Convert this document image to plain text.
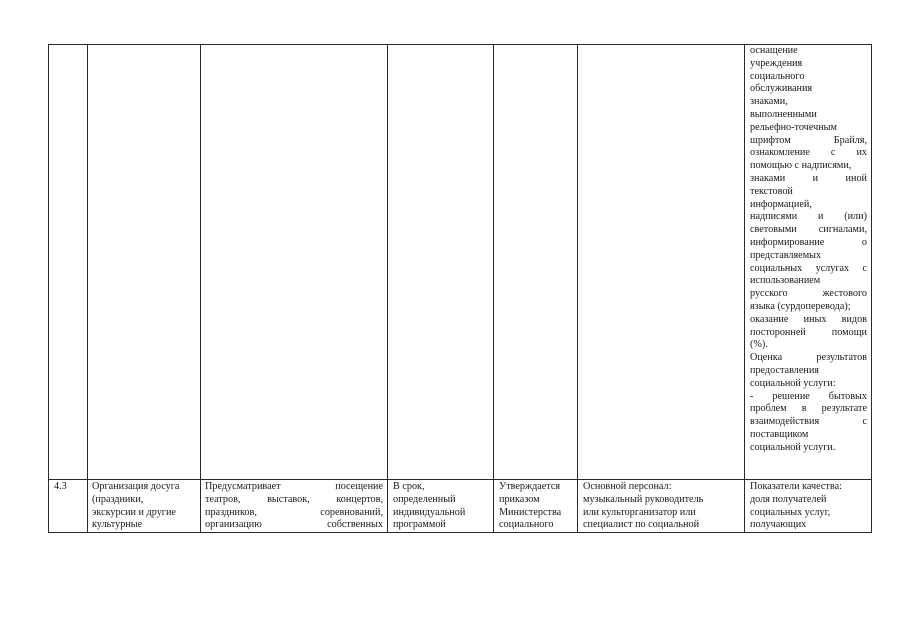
оснащение
учреждения
социального
обслуживания
знаками,
выполненными
рельефно-точечным
шрифтом Брайля,
ознакомление с их
помощью с надписями,
знаками и иной
текстовой
информацией,
надписями и (или)
световыми сигналами,
информирование о
представляемых
социальных услугах с
использованием
русского жестового
языка (сурдоперевода);
оказание иных видов
посторонней помощи
(%).
Оценка результатов
предоставления
социальной услуги:
- решение бытовых
проблем в результате
взаимодействия с
поставщиком
социальной услуги.
4.3	Организация досуга
(праздники,
экскурсии и другие
культурные
Предусматривает посещение
театров, выставок, концертов,
праздников, соревнований,
организацию собственных
В срок,
определенный
индивидуальной
программой
Утверждается
приказом
Министерства
социального
Основной персонал:
музыкальный руководитель
или культорганизатор или
специалист по социальной
Показатели качества:
доля получателей
социальных услуг,
получающих
